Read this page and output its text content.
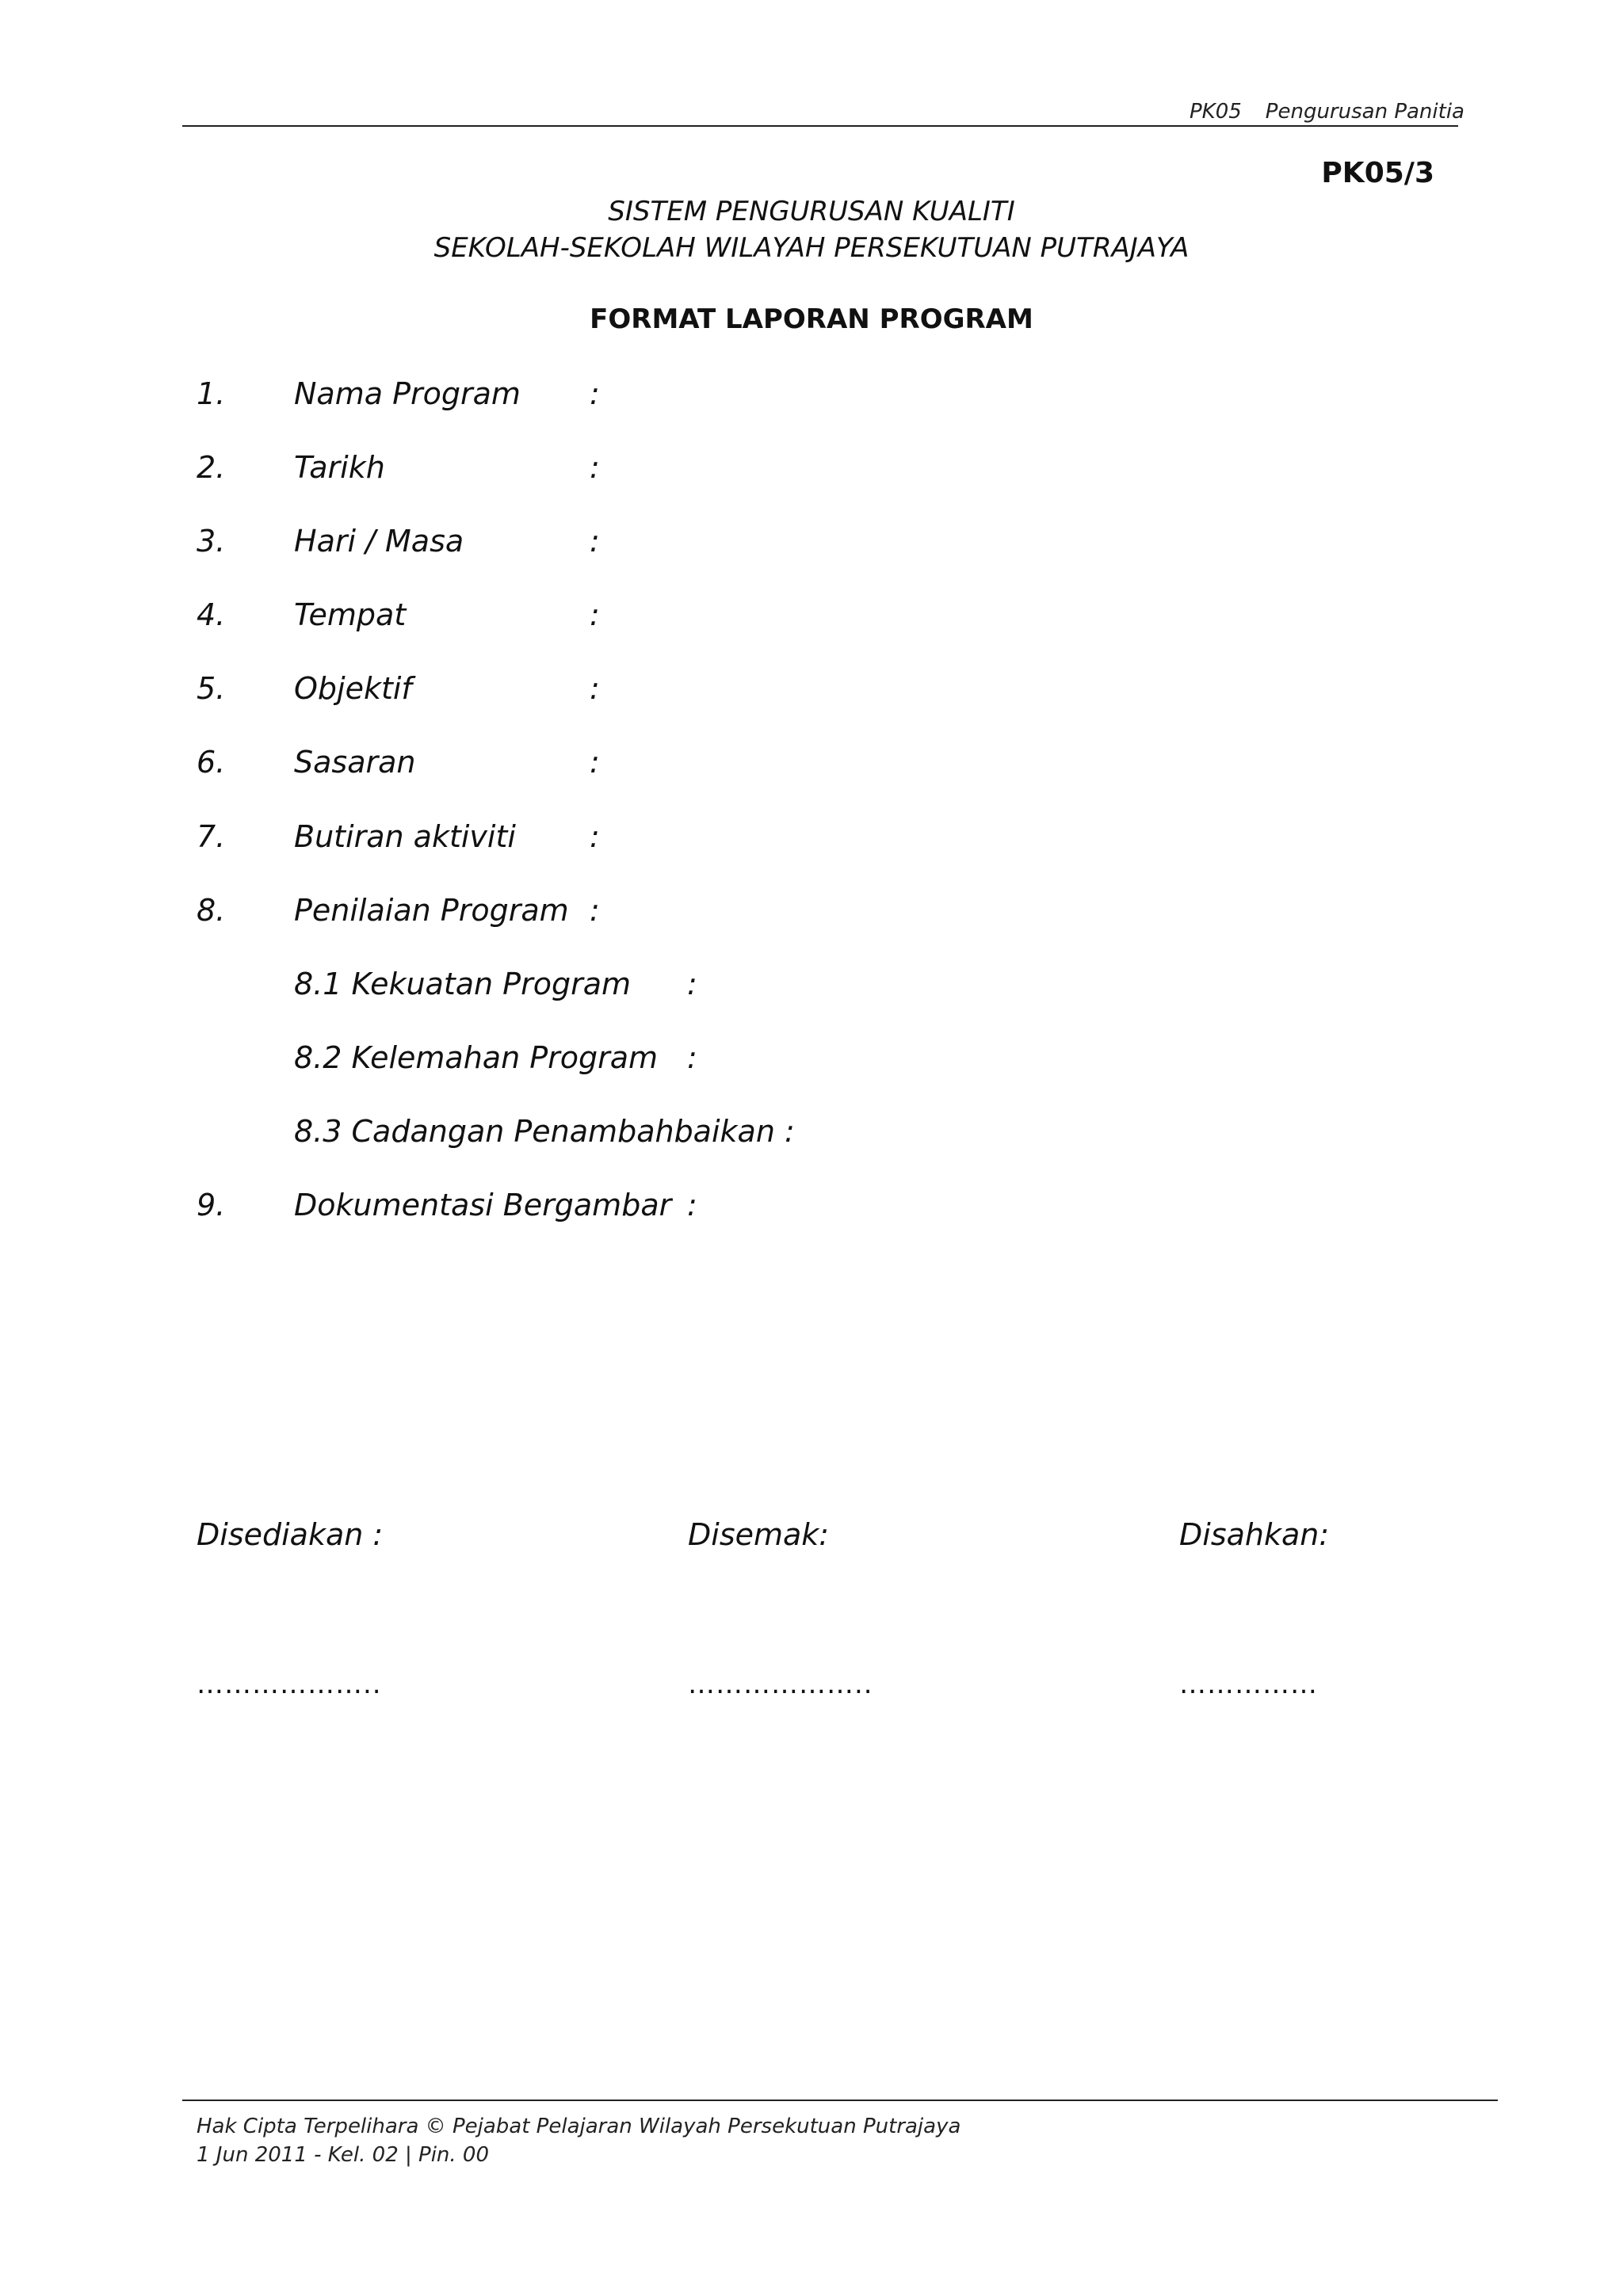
PK05 Pengurusan Panitia
PK05/3
SISTEM PENGURUSAN KUALITI
SEKOLAH-SEKOLAH WILAYAH PERSEKUTUAN PUTRAJAYA
FORMAT LAPORAN PROGRAM
1. Nama Program :
2. Tarikh	:
3. Hari / Masa	:
4. Tempat	:
5. Objektif	:
6. Sasaran	:
7. Butiran aktiviti :
8. Penilaian Program :
8.1 Kekuatan Program :
8.2 Kelemahan Program :
8.3 Cadangan Penambahbaikan :
9. Dokumentasi Bergambar :
Disediakan :	Disemak:	Disahkan:
………………..	………………..	……………
Hak Cipta Terpelihara © Pejabat Pelajaran Wilayah Persekutuan Putrajaya
1 Jun 2011 - Kel. 02 | Pin. 00
